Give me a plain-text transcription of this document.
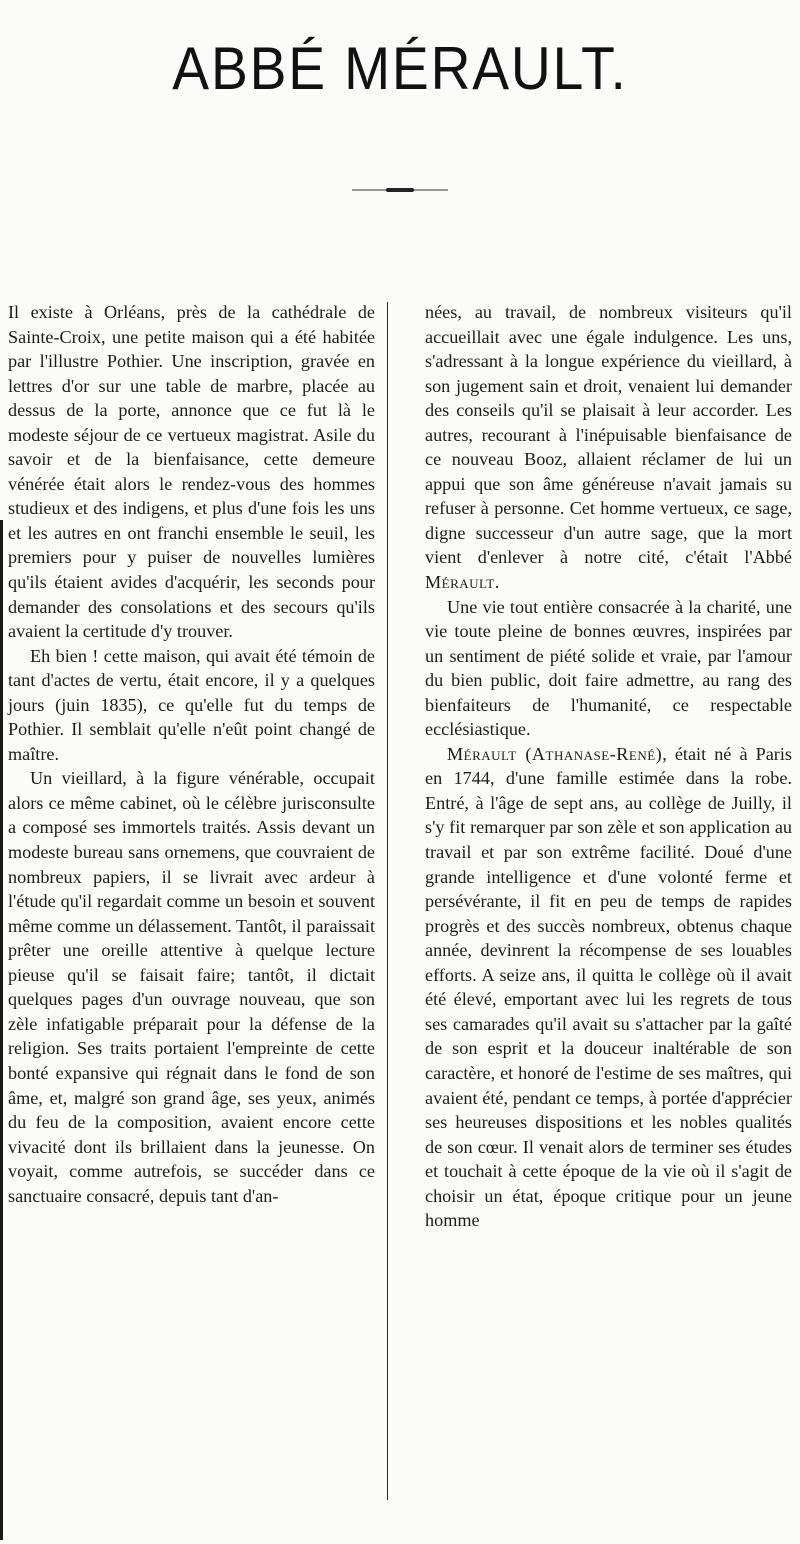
ABBÉ MÉRAULT.

Il existe à Orléans, près de la cathédrale de Sainte-Croix, une petite maison qui a été habitée par l'illustre Pothier. Une inscription, gravée en lettres d'or sur une table de marbre, placée au dessus de la porte, annonce que ce fut là le modeste séjour de ce vertueux magistrat. Asile du savoir et de la bienfaisance, cette demeure vénérée était alors le rendez-vous des hommes studieux et des indigens, et plus d'une fois les uns et les autres en ont franchi ensemble le seuil, les premiers pour y puiser de nouvelles lumières qu'ils étaient avides d'acquérir, les seconds pour demander des consolations et des secours qu'ils avaient la certitude d'y trouver.

Eh bien ! cette maison, qui avait été témoin de tant d'actes de vertu, était encore, il y a quelques jours (juin 1835), ce qu'elle fut du temps de Pothier. Il semblait qu'elle n'eût point changé de maître.

Un vieillard, à la figure vénérable, occupait alors ce même cabinet, où le célèbre jurisconsulte a composé ses immortels traités. Assis devant un modeste bureau sans ornemens, que couvraient de nombreux papiers, il se livrait avec ardeur à l'étude qu'il regardait comme un besoin et souvent même comme un délassement. Tantôt, il paraissait prêter une oreille attentive à quelque lecture pieuse qu'il se faisait faire; tantôt, il dictait quelques pages d'un ouvrage nouveau, que son zèle infatigable préparait pour la défense de la religion. Ses traits portaient l'empreinte de cette bonté expansive qui régnait dans le fond de son âme, et, malgré son grand âge, ses yeux, animés du feu de la composition, avaient encore cette vivacité dont ils brillaient dans la jeunesse. On voyait, comme autrefois, se succéder dans ce sanctuaire consacré, depuis tant d'an-

nées, au travail, de nombreux visiteurs qu'il accueillait avec une égale indulgence. Les uns, s'adressant à la longue expérience du vieillard, à son jugement sain et droit, venaient lui demander des conseils qu'il se plaisait à leur accorder. Les autres, recourant à l'inépuisable bienfaisance de ce nouveau Booz, allaient réclamer de lui un appui que son âme généreuse n'avait jamais su refuser à personne. Cet homme vertueux, ce sage, digne successeur d'un autre sage, que la mort vient d'enlever à notre cité, c'était l'Abbé Mérault.

Une vie tout entière consacrée à la charité, une vie toute pleine de bonnes œuvres, inspirées par un sentiment de piété solide et vraie, par l'amour du bien public, doit faire admettre, au rang des bienfaiteurs de l'humanité, ce respectable ecclésiastique.

Mérault (Athanase-René), était né à Paris en 1744, d'une famille estimée dans la robe. Entré, à l'âge de sept ans, au collège de Juilly, il s'y fit remarquer par son zèle et son application au travail et par son extrême facilité. Doué d'une grande intelligence et d'une volonté ferme et persévérante, il fit en peu de temps de rapides progrès et des succès nombreux, obtenus chaque année, devinrent la récompense de ses louables efforts. A seize ans, il quitta le collège où il avait été élevé, emportant avec lui les regrets de tous ses camarades qu'il avait su s'attacher par la gaîté de son esprit et la douceur inaltérable de son caractère, et honoré de l'estime de ses maîtres, qui avaient été, pendant ce temps, à portée d'apprécier ses heureuses dispositions et les nobles qualités de son cœur. Il venait alors de terminer ses études et touchait à cette époque de la vie où il s'agit de choisir un état, époque critique pour un jeune homme
